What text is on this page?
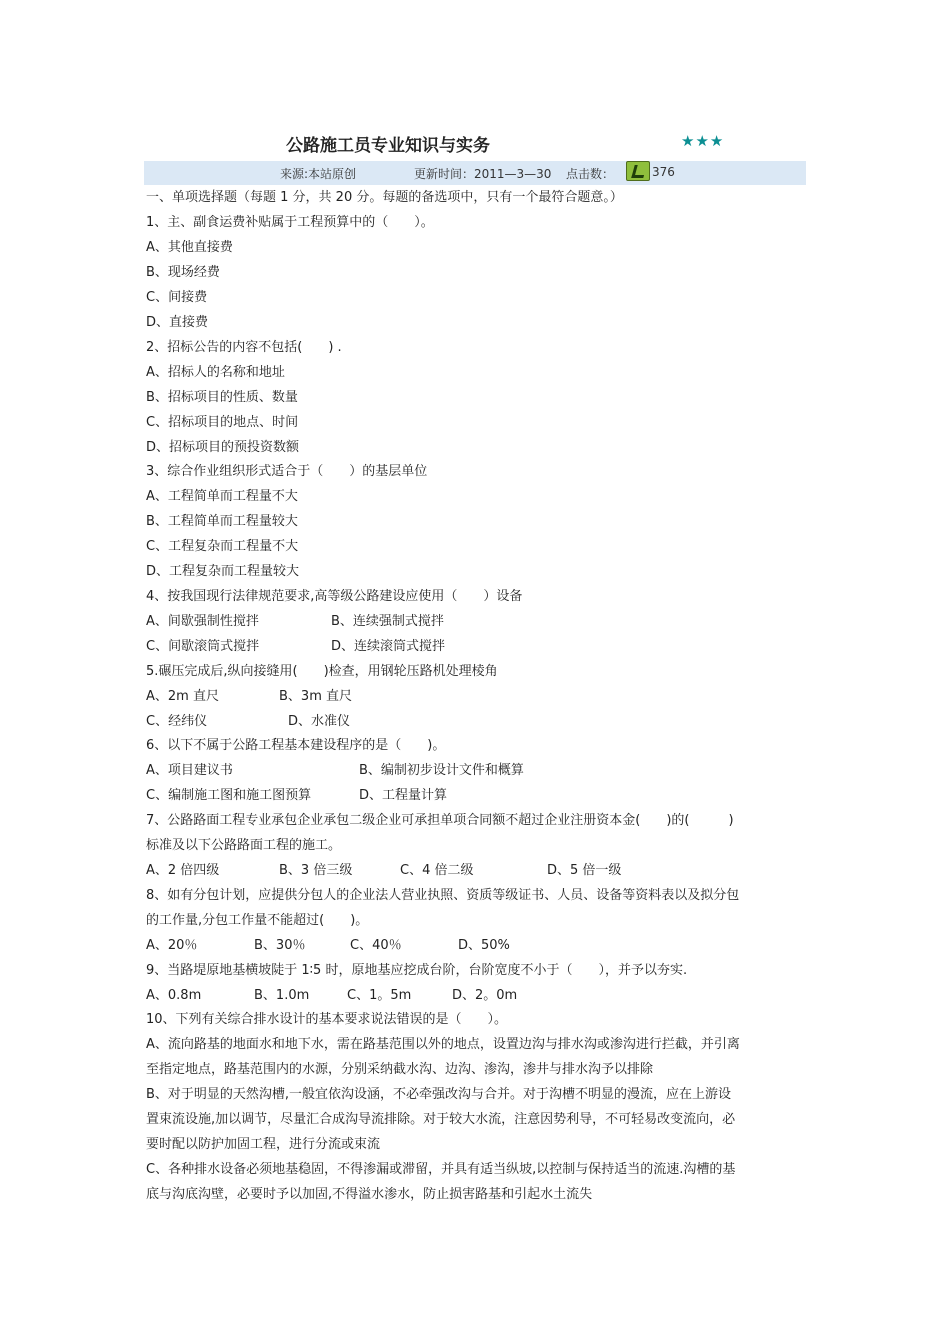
公路施工员专业知识与实务	★★★
来源:本站原创	更新时间：2011—3—30 点击数：	376
一、单项选择题（每题 1 分，共 20 分。每题的备选项中，只有一个最符合题意。）
1、主、副食运费补贴属于工程预算中的（　　）。
A、其他直接费
B、现场经费
C、间接费
D、直接费
2、招标公告的内容不包括(　　) .
A、招标人的名称和地址
B、招标项目的性质、数量
C、招标项目的地点、时间
D、招标项目的预投资数额
3、综合作业组织形式适合于（　　）的基层单位
A、工程简单而工程量不大
B、工程简单而工程量较大
C、工程复杂而工程量不大
D、工程复杂而工程量较大
4、按我国现行法律规范要求,高等级公路建设应使用（　　）设备
A、间歇强制性搅拌	B、连续强制式搅拌
C、间歇滚筒式搅拌	D、连续滚筒式搅拌
5.碾压完成后,纵向接缝用(　　)检查，用钢轮压路机处理棱角
A、2m 直尺	B、3m 直尺
C、经纬仪	D、水准仪
6、以下不属于公路工程基本建设程序的是（　　)。
A、项目建议书	B、编制初步设计文件和概算
C、编制施工图和施工图预算	D、工程量计算
7、公路路面工程专业承包企业承包二级企业可承担单项合同额不超过企业注册资本金(　　)的(　　　)
标准及以下公路路面工程的施工。
A、2 倍四级	B、3 倍三级	C、4 倍二级	D、5 倍一级
8、如有分包计划，应提供分包人的企业法人营业执照、资质等级证书、人员、设备等资料表以及拟分包
的工作量,分包工作量不能超过(　　)。
A、20％	B、30％	C、40％	D、50%
9、当路堤原地基横坡陡于 1∶5 时，原地基应挖成台阶，台阶宽度不小于（　　），并予以夯实.
A、0.8m	B、1.0m	C、1。5m	D、2。0m
10、下列有关综合排水设计的基本要求说法错误的是（　　）。
A、流向路基的地面水和地下水，需在路基范围以外的地点，设置边沟与排水沟或渗沟进行拦截，并引离
至指定地点，路基范围内的水源，分别采纳截水沟、边沟、渗沟，渗井与排水沟予以排除
B、对于明显的天然沟槽,一般宜依沟设涵，不必牵强改沟与合并。对于沟槽不明显的漫流，应在上游设
置束流设施,加以调节，尽量汇合成沟导流排除。对于较大水流，注意因势利导，不可轻易改变流向，必
要时配以防护加固工程，进行分流或束流
C、各种排水设备必须地基稳固，不得渗漏或滞留，并具有适当纵坡,以控制与保持适当的流速.沟槽的基
底与沟底沟壁，必要时予以加固,不得溢水渗水，防止损害路基和引起水土流失
